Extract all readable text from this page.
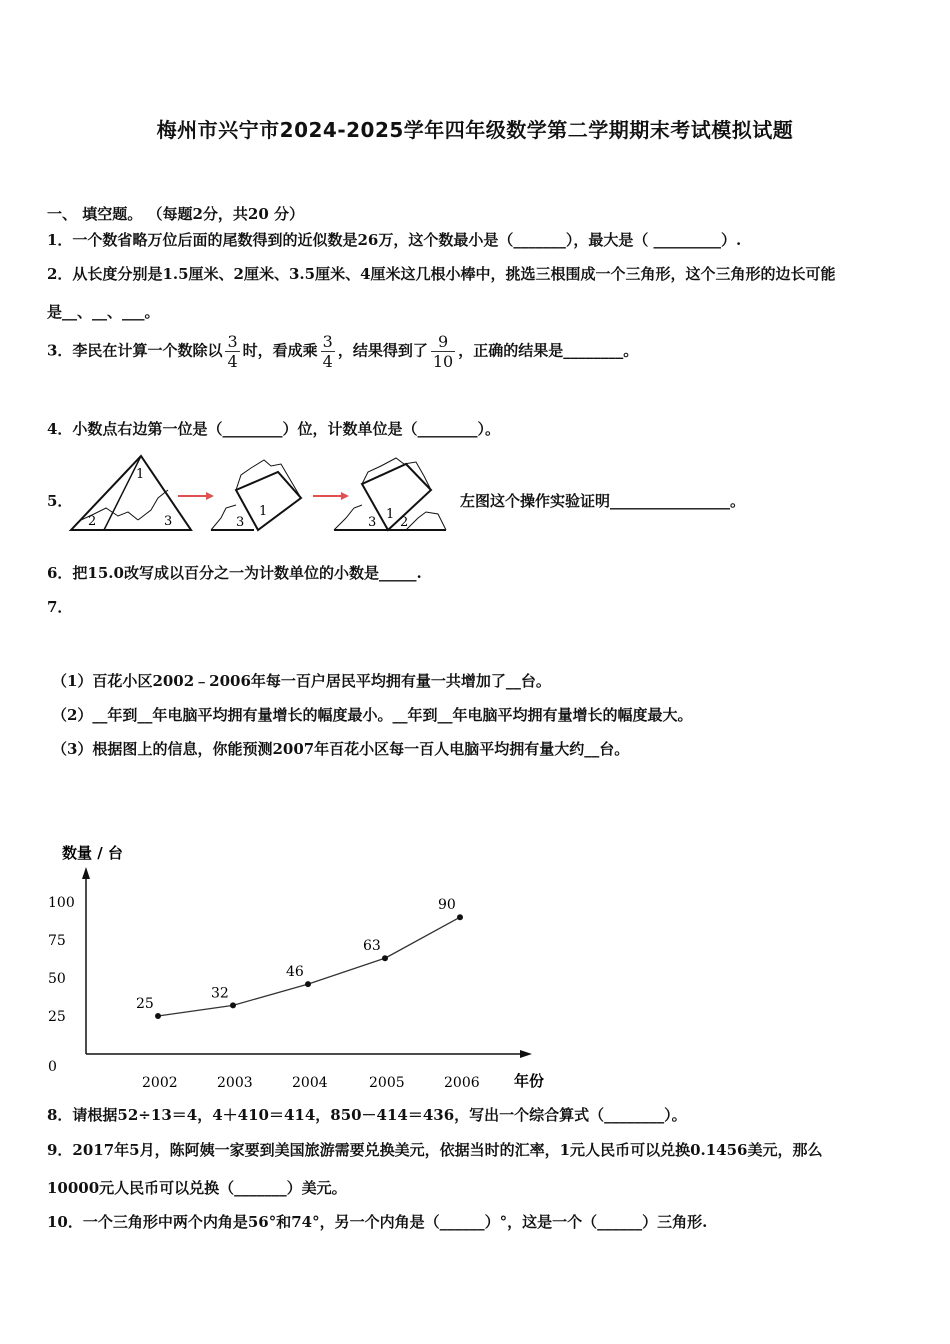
梅州市兴宁市2024-2025学年四年级数学第二学期期末考试模拟试题
一、 填空题。 （每题2分，共20 分）
1．一个数省略万位后面的尾数得到的近似数是26万，这个数最小是（_______），最大是（ _________）.
2．从长度分别是1.5厘米、2厘米、3.5厘米、4厘米这几根小棒中，挑选三根围成一个三角形，这个三角形的边长可能
是__、__、___。
3．李民在计算一个数除以 $\frac{3}{4}$ 时，看成乘 $\frac{3}{4}$ ，结果得到了 $\frac{9}{10}$ ，正确的结果是________。
4．小数点右边第一位是（________）位，计数单位是（________）。
5．
1
2	3	3
1
3
1
2
左图这个操作实验证明________________。
6．把15.0改写成以百分之一为计数单位的小数是_____.
7．
（1）百花小区2002﹣2006年每一百户居民平均拥有量一共增加了__台。
（2）__年到__年电脑平均拥有量增长的幅度最小。__年到__年电脑平均拥有量增长的幅度最大。
（3）根据图上的信息，你能预测2007年百花小区每一百人电脑平均拥有量大约__台。
数量 / 台
年份
0
25
50
75
100
25
2002
32
2003
46
2004
63
2005
90
2006
8．请根据52÷13＝4，4＋410＝414，850－414＝436，写出一个综合算式（________）。
9．2017年5月，陈阿姨一家要到美国旅游需要兑换美元，依据当时的汇率，1元人民币可以兑换0.1456美元，那么
10000元人民币可以兑换（_______）美元。
10．一个三角形中两个内角是56°和74°，另一个内角是（______）°，这是一个（______）三角形.
